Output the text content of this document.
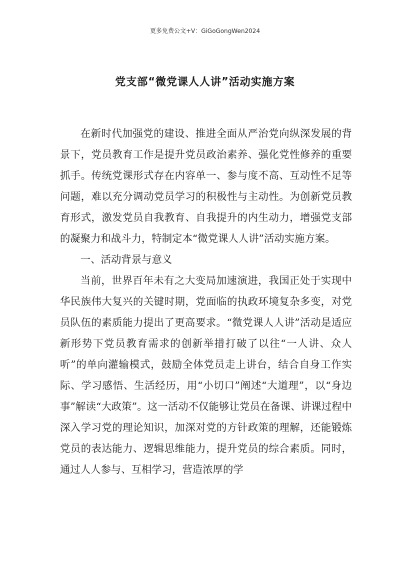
更多免费公文+V：GiGoGongWen2024
党支部“微党课人人讲”活动实施方案

在新时代加强党的建设、推进全面从严治党向纵深发展的背景下，党员教育工作是提升党员政治素养、强化党性修养的重要抓手。传统党课形式存在内容单一、参与度不高、互动性不足等问题，难以充分调动党员学习的积极性与主动性。为创新党员教育形式，激发党员自我教育、自我提升的内生动力，增强党支部的凝聚力和战斗力，特制定本“微党课人人讲”活动实施方案。

一、活动背景与意义

当前，世界百年未有之大变局加速演进，我国正处于实现中华民族伟大复兴的关键时期，党面临的执政环境复杂多变，对党员队伍的素质能力提出了更高要求。“微党课人人讲”活动是适应新形势下党员教育需求的创新举措打破了以往“一人讲、众人听”的单向灌输模式，鼓励全体党员走上讲台，结合自身工作实际、学习感悟、生活经历，用“小切口”阐述“大道理”，以“身边事”解读“大政策”。这一活动不仅能够让党员在备课、讲课过程中深入学习党的理论知识，加深对党的方针政策的理解，还能锻炼党员的表达能力、逻辑思维能力，提升党员的综合素质。同时，通过人人参与、互相学习，营造浓厚的学
